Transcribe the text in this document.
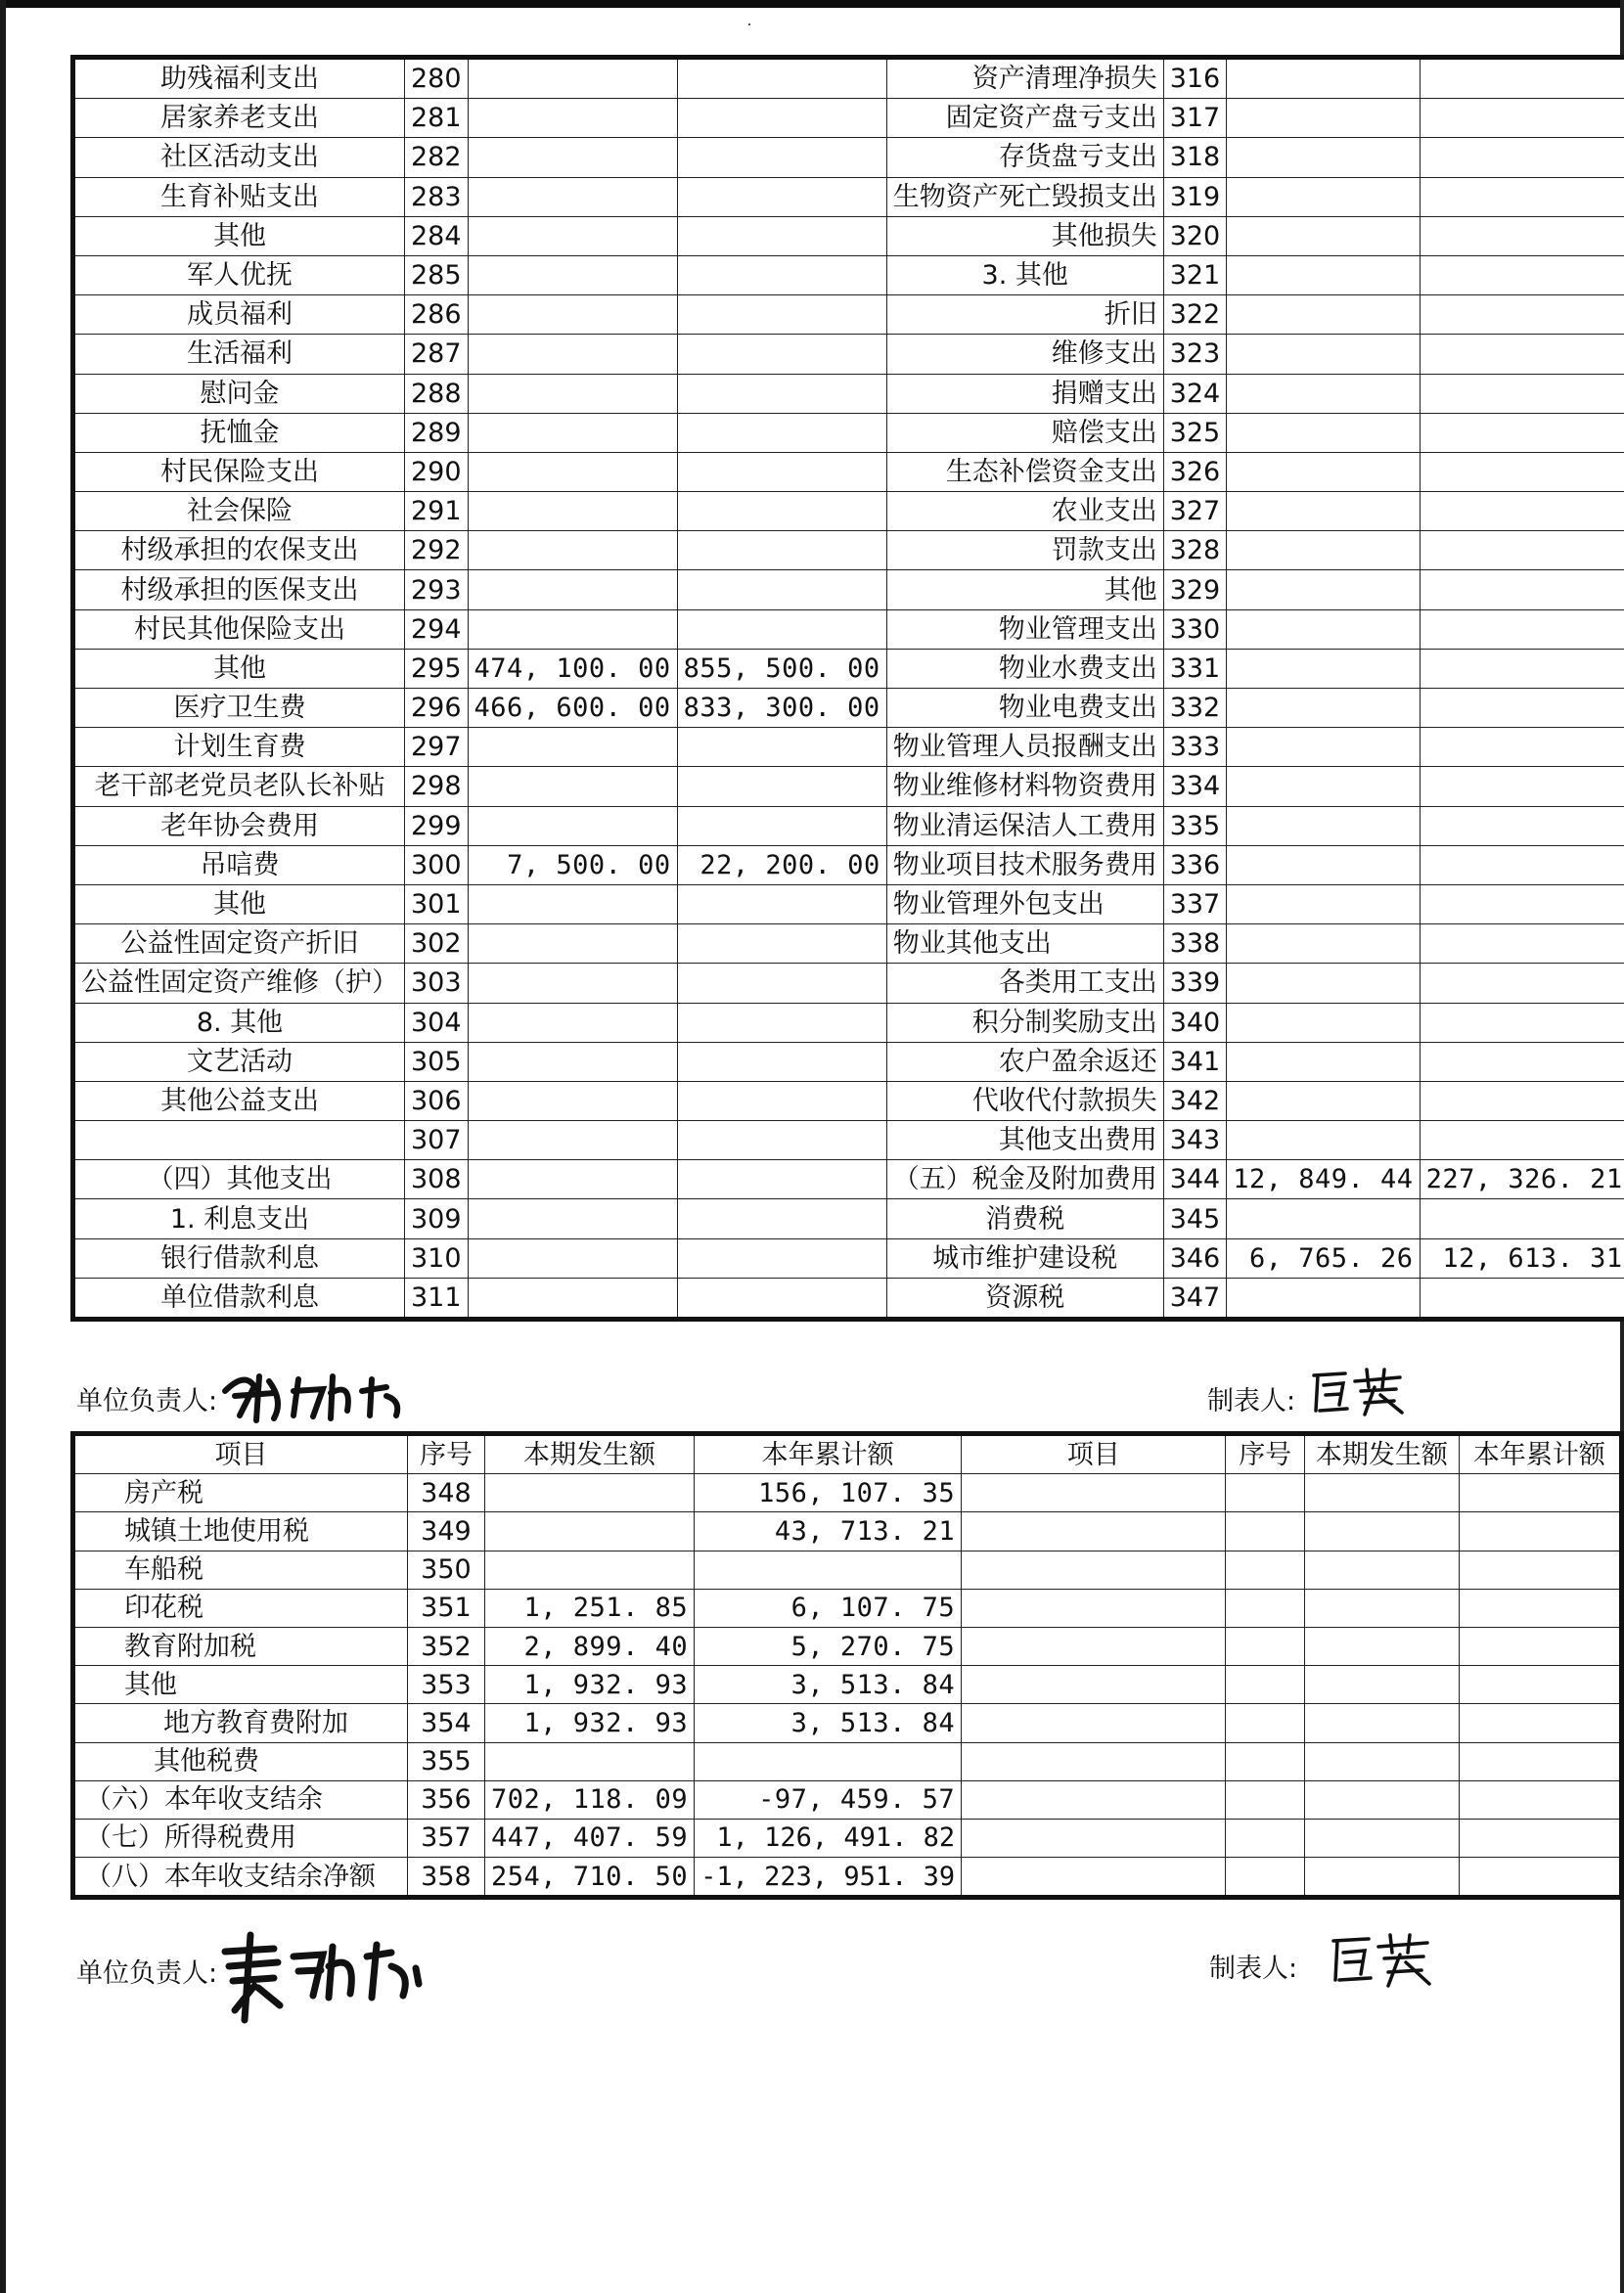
助残福利支出	280			资产清理净损失	316		
居家养老支出	281			固定资产盘亏支出	317		
社区活动支出	282			存货盘亏支出	318		
生育补贴支出	283			生物资产死亡毁损支出	319		
其他	284			其他损失	320		
军人优抚	285			3. 其他	321		
成员福利	286			折旧	322		
生活福利	287			维修支出	323		
慰问金	288			捐赠支出	324		
抚恤金	289			赔偿支出	325		
村民保险支出	290			生态补偿资金支出	326		
社会保险	291			农业支出	327		
村级承担的农保支出	292			罚款支出	328		
村级承担的医保支出	293			其他	329		
村民其他保险支出	294			物业管理支出	330		
其他	295	474, 100. 00	855, 500. 00	物业水费支出	331		
医疗卫生费	296	466, 600. 00	833, 300. 00	物业电费支出	332		
计划生育费	297			物业管理人员报酬支出	333		
老干部老党员老队长补贴	298			物业维修材料物资费用	334		
老年协会费用	299			物业清运保洁人工费用	335		
吊唁费	300	7, 500. 00	22, 200. 00	物业项目技术服务费用	336		
其他	301			物业管理外包支出	337		
公益性固定资产折旧	302			物业其他支出	338		
公益性固定资产维修（护）	303			各类用工支出	339		
8. 其他	304			积分制奖励支出	340		
文艺活动	305			农户盈余返还	341		
其他公益支出	306			代收代付款损失	342		
	307			其他支出费用	343		
（四）其他支出	308			（五）税金及附加费用	344	12, 849. 44	227, 326. 21
1. 利息支出	309			消费税	345		
银行借款利息	310			城市维护建设税	346	6, 765. 26	12, 613. 31
单位借款利息	311			资源税	347		
单位负责人:	制表人:
项目	序号	本期发生额	本年累计额	项目	序号	本期发生额	本年累计额
房产税	348		156, 107. 35				
城镇土地使用税	349		43, 713. 21				
车船税	350						
印花税	351	1, 251. 85	6, 107. 75				
教育附加税	352	2, 899. 40	5, 270. 75				
其他	353	1, 932. 93	3, 513. 84				
地方教育费附加	354	1, 932. 93	3, 513. 84				
其他税费	355						
（六）本年收支结余	356	702, 118. 09	-97, 459. 57				
（七）所得税费用	357	447, 407. 59	1, 126, 491. 82				
（八）本年收支结余净额	358	254, 710. 50	-1, 223, 951. 39				
单位负责人:	制表人:
